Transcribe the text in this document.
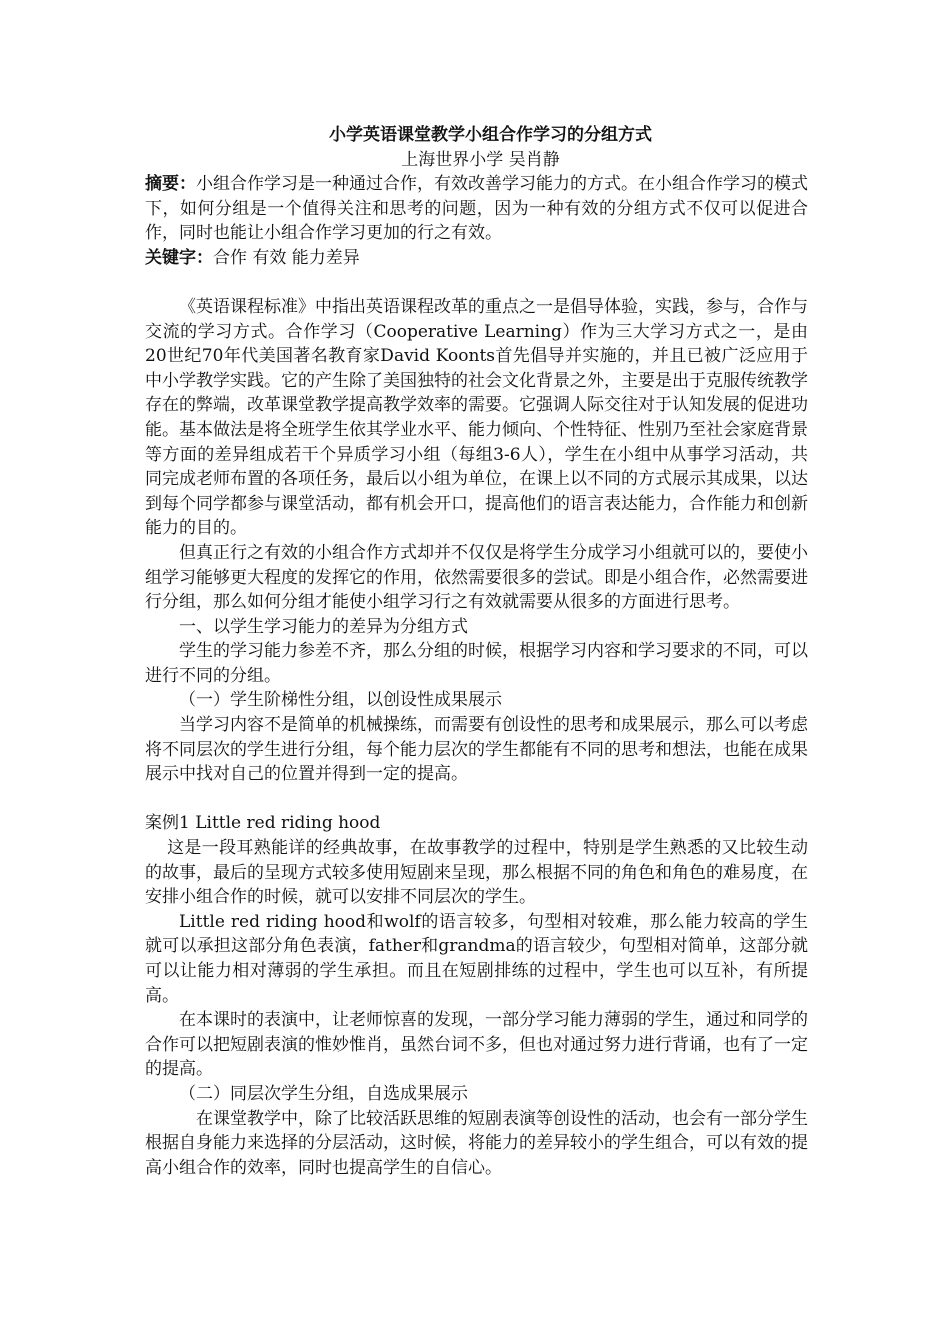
小学英语课堂教学小组合作学习的分组方式

上海世界小学 吴肖静

摘要：小组合作学习是一种通过合作，有效改善学习能力的方式。在小组合作学习的模式下，如何分组是一个值得关注和思考的问题，因为一种有效的分组方式不仅可以促进合作，同时也能让小组合作学习更加的行之有效。

关键字：合作 有效 能力差异

《英语课程标准》中指出英语课程改革的重点之一是倡导体验，实践，参与，合作与交流的学习方式。合作学习（Cooperative Learning）作为三大学习方式之一，是由20世纪70年代美国著名教育家David Koonts首先倡导并实施的，并且已被广泛应用于中小学教学实践。它的产生除了美国独特的社会文化背景之外，主要是出于克服传统教学存在的弊端，改革课堂教学提高教学效率的需要。它强调人际交往对于认知发展的促进功能。基本做法是将全班学生依其学业水平、能力倾向、个性特征、性别乃至社会家庭背景等方面的差异组成若干个异质学习小组（每组3-6人），学生在小组中从事学习活动，共同完成老师布置的各项任务，最后以小组为单位，在课上以不同的方式展示其成果，以达到每个同学都参与课堂活动，都有机会开口，提高他们的语言表达能力，合作能力和创新能力的目的。

但真正行之有效的小组合作方式却并不仅仅是将学生分成学习小组就可以的，要使小组学习能够更大程度的发挥它的作用，依然需要很多的尝试。即是小组合作，必然需要进行分组，那么如何分组才能使小组学习行之有效就需要从很多的方面进行思考。

一、以学生学习能力的差异为分组方式

学生的学习能力参差不齐，那么分组的时候，根据学习内容和学习要求的不同，可以进行不同的分组。

（一）学生阶梯性分组，以创设性成果展示

当学习内容不是简单的机械操练，而需要有创设性的思考和成果展示，那么可以考虑将不同层次的学生进行分组，每个能力层次的学生都能有不同的思考和想法，也能在成果展示中找对自己的位置并得到一定的提高。

案例1 Little red riding hood

这是一段耳熟能详的经典故事，在故事教学的过程中，特别是学生熟悉的又比较生动的故事，最后的呈现方式较多使用短剧来呈现，那么根据不同的角色和角色的难易度，在安排小组合作的时候，就可以安排不同层次的学生。

Little red riding hood和wolf的语言较多，句型相对较难，那么能力较高的学生就可以承担这部分角色表演，father和grandma的语言较少，句型相对简单，这部分就可以让能力相对薄弱的学生承担。而且在短剧排练的过程中，学生也可以互补，有所提高。

在本课时的表演中，让老师惊喜的发现，一部分学习能力薄弱的学生，通过和同学的合作可以把短剧表演的惟妙惟肖，虽然台词不多，但也对通过努力进行背诵，也有了一定的提高。

（二）同层次学生分组，自选成果展示

在课堂教学中，除了比较活跃思维的短剧表演等创设性的活动，也会有一部分学生根据自身能力来选择的分层活动，这时候，将能力的差异较小的学生组合，可以有效的提高小组合作的效率，同时也提高学生的自信心。
